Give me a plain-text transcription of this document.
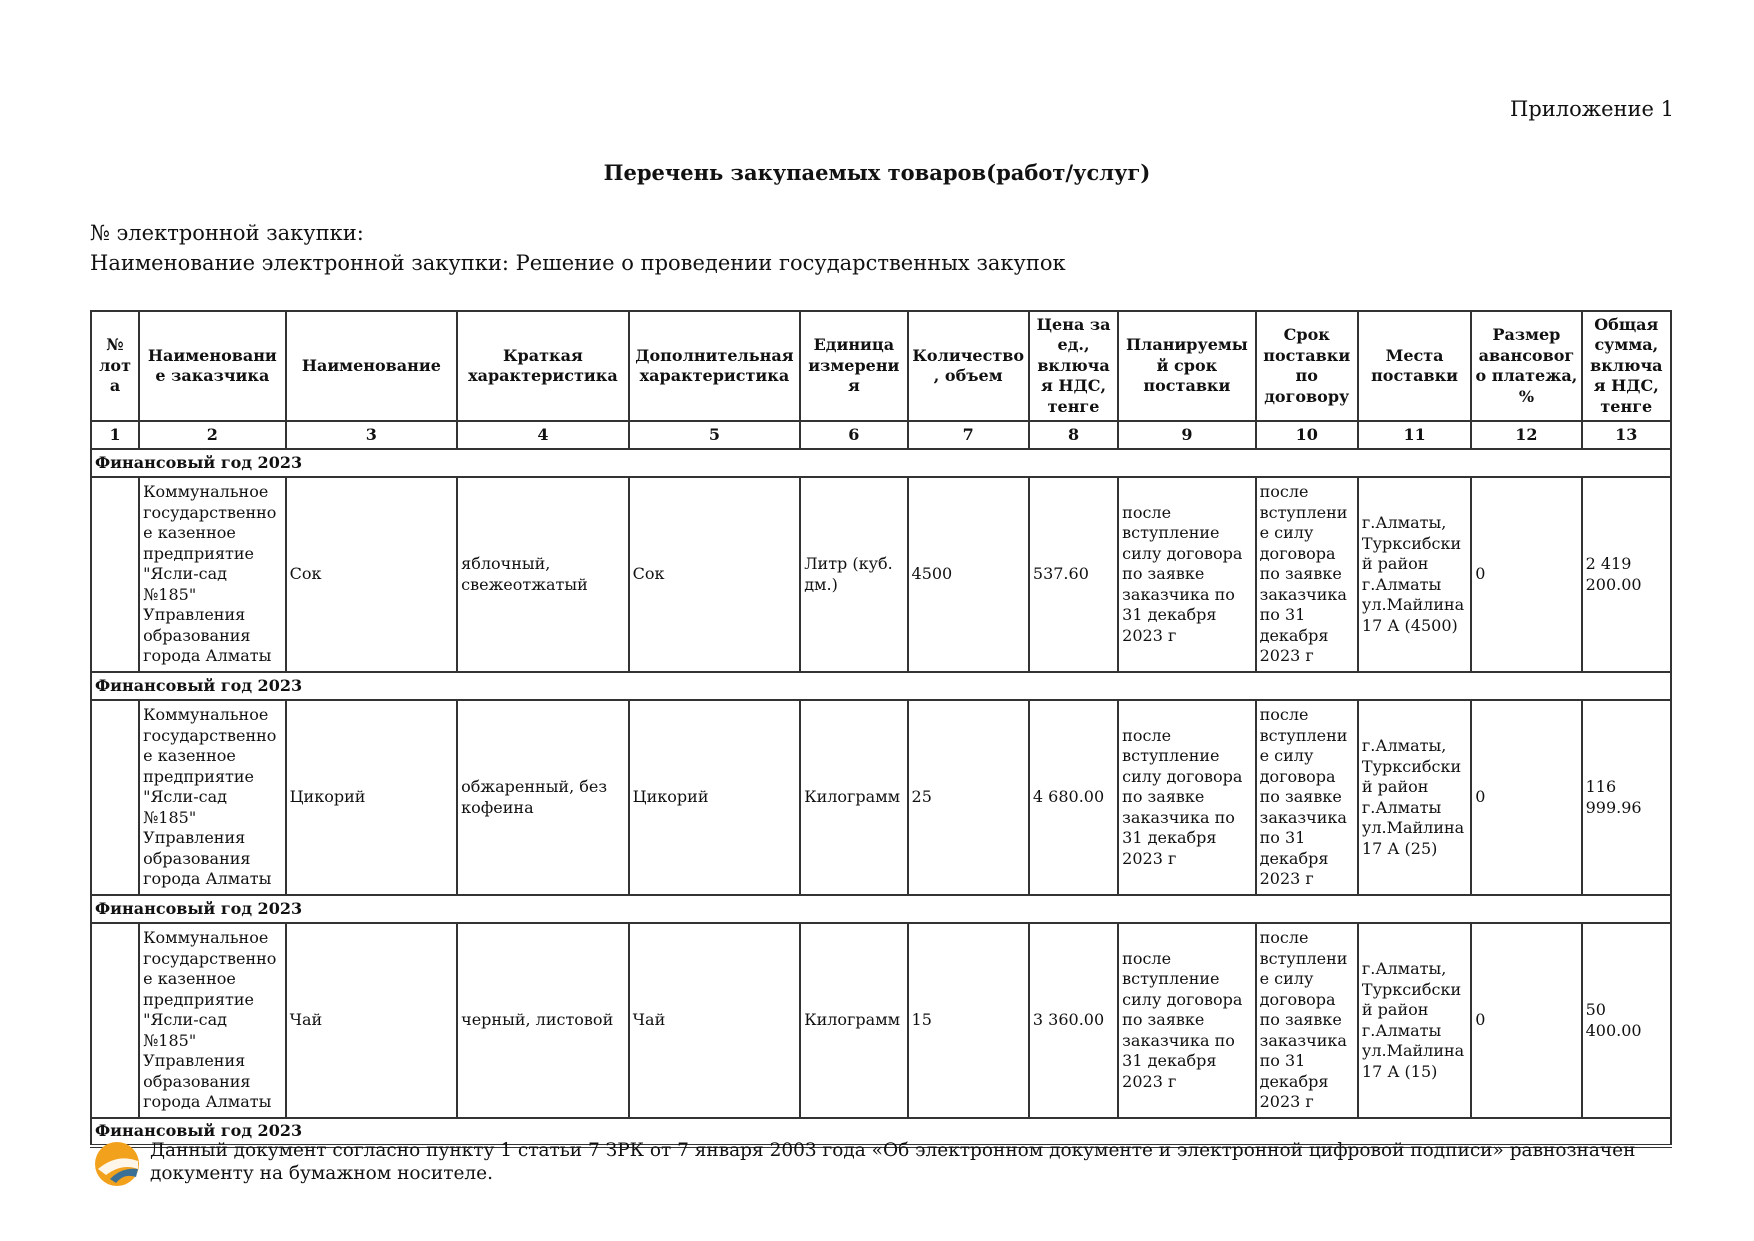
Приложение 1
Перечень закупаемых товаров(работ/услуг)
№ электронной закупки:
Наименование электронной закупки: Решение о проведении государственных закупок
№ лота	Наименование заказчика	Наименование	Краткая характеристика	Дополнительная характеристика	Единица измерения	Количество, объем	Цена за ед., включая НДС, тенге	Планируемый срок поставки	Срок поставки по договору	Места поставки	Размер авансового платежа, %	Общая сумма, включая НДС, тенге
1	2	3	4	5	6	7	8	9	10	11	12	13
Финансовый год 2023												
	Коммунальное государственное казенное предприятие "Ясли-сад №185" Управления образования города Алматы	Сок	яблочный, свежеотжатый	Сок	Литр (куб. дм.)	4500	537.60	после вступление силу договора по заявке заказчика по 31 декабря 2023 г	после вступление силу договора по заявке заказчика по 31 декабря 2023 г	г.Алматы, Турксибский район г.Алматы ул.Майлина 17 А (4500)	0	2 419 200.00
Финансовый год 2023												
	Коммунальное государственное казенное предприятие "Ясли-сад №185" Управления образования города Алматы	Цикорий	обжаренный, без кофеина	Цикорий	Килограмм	25	4 680.00	после вступление силу договора по заявке заказчика по 31 декабря 2023 г	после вступление силу договора по заявке заказчика по 31 декабря 2023 г	г.Алматы, Турксибский район г.Алматы ул.Майлина 17 А (25)	0	116 999.96
Финансовый год 2023												
	Коммунальное государственное казенное предприятие "Ясли-сад №185" Управления образования города Алматы	Чай	черный, листовой	Чай	Килограмм	15	3 360.00	после вступление силу договора по заявке заказчика по 31 декабря 2023 г	после вступление силу договора по заявке заказчика по 31 декабря 2023 г	г.Алматы, Турксибский район г.Алматы ул.Майлина 17 А (15)	0	50 400.00
Финансовый год 2023												
Данный документ согласно пункту 1 статьи 7 ЗРК от 7 января 2003 года «Об электронном документе и электронной цифровой подписи» равнозначен документу на бумажном носителе.
